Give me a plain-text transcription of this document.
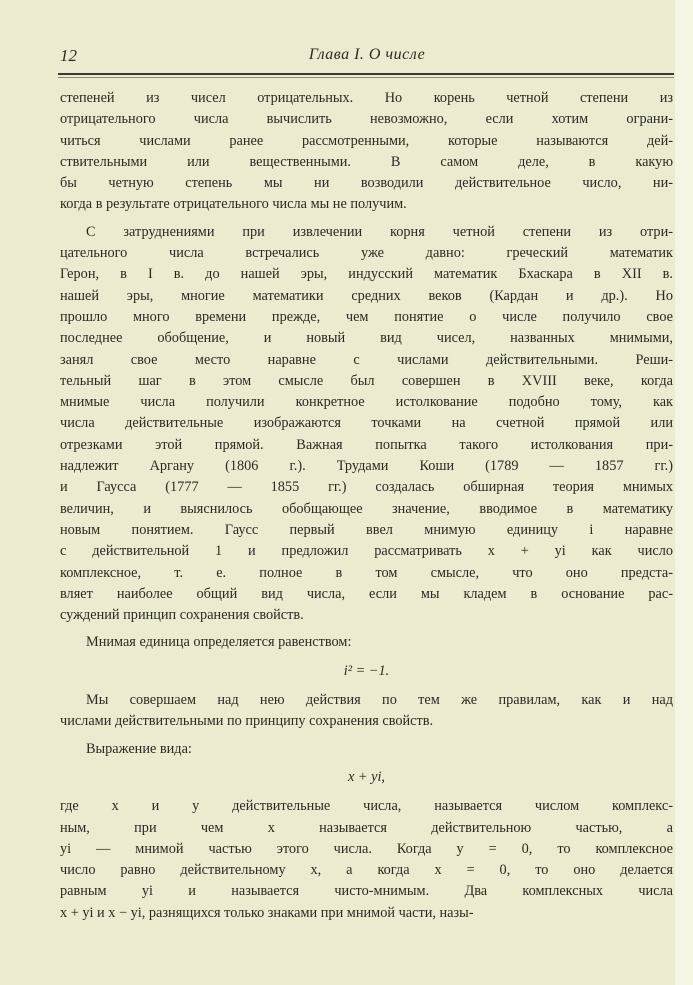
12	Глава I. О числе
степеней из чисел отрицательных. Но корень четной степени из
отрицательного числа вычислить невозможно, если хотим ограни-
читься числами ранее рассмотренными, которые называются дей-
ствительными или вещественными. В самом деле, в какую
бы четную степень мы ни возводили действительное число, ни-
когда в результате отрицательного числа мы не получим.
С затруднениями при извлечении корня четной степени из отри-
цательного числа встречались уже давно: греческий математик
Герон, в I в. до нашей эры, индусский математик Бхаскара в XII в.
нашей эры, многие математики средних веков (Кардан и др.). Но
прошло много времени прежде, чем понятие о числе получило свое
последнее обобщение, и новый вид чисел, названных мнимыми,
занял свое место наравне с числами действительными. Реши-
тельный шаг в этом смысле был совершен в XVIII веке, когда
мнимые числа получили конкретное истолкование подобно тому, как
числа действительные изображаются точками на счетной прямой или
отрезками этой прямой. Важная попытка такого истолкования при-
надлежит Аргану (1806 г.). Трудами Коши (1789 — 1857 гг.)
и Гаусса (1777 — 1855 гг.) создалась обширная теория мнимых
величин, и выяснилось обобщающее значение, вводимое в математику
новым понятием. Гаусс первый ввел мнимую единицу i наравне
с действительной 1 и предложил рассматривать x + yi как число
комплексное, т. е. полное в том смысле, что оно предста-
вляет наиболее общий вид числа, если мы кладем в основание рас-
суждений принцип сохранения свойств.
Мнимая единица определяется равенством:
i² = −1.
Мы совершаем над нею действия по тем же правилам, как и над
числами действительными по принципу сохранения свойств.
Выражение вида:
x + yi,
где x и y действительные числа, называется числом комплекс-
ным, при чем x называется действительною частью, а
yi — мнимой частью этого числа. Когда y = 0, то комплексное
число равно действительному x, а когда x = 0, то оно делается
равным yi и называется чисто-мнимым. Два комплексных числа
x + yi и x − yi, разнящихся только знаками при мнимой части, назы-
